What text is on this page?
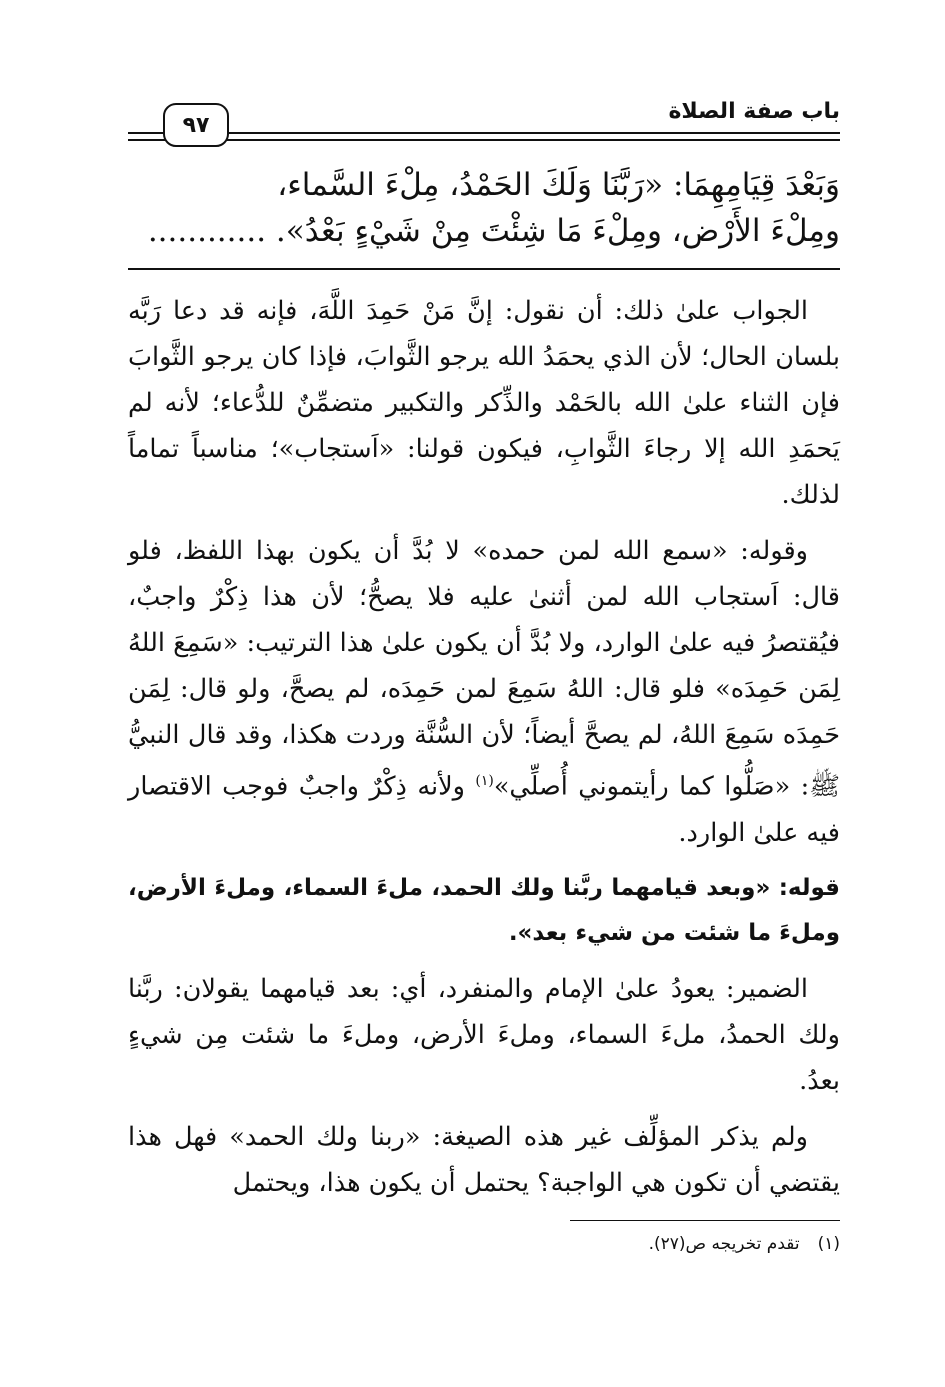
باب صفة الصلاة
٩٧
وَبَعْدَ قِيَامِهِمَا: «رَبَّنَا وَلَكَ الحَمْدُ، مِلْءَ السَّماء،
ومِلْءَ الأَرْض، ومِلْءَ مَا شِئْتَ مِنْ شَيْءٍ بَعْدُ». ............

الجواب علىٰ ذلك: أن نقول: إنَّ مَنْ حَمِدَ اللَّهَ، فإنه قد دعا رَبَّه بلسان الحال؛ لأن الذي يحمَدُ الله يرجو الثَّوابَ، فإذا كان يرجو الثَّوابَ فإن الثناء علىٰ الله بالحَمْد والذِّكر والتكبير متضمِّنٌ للدُّعاء؛ لأنه لم يَحمَدِ الله إلا رجاءَ الثَّوابِ، فيكون قولنا: «اَستجاب»؛ مناسباً تماماً لذلك.

وقوله: «سمع الله لمن حمده» لا بُدَّ أن يكون بهذا اللفظ، فلو قال: اَستجاب الله لمن أثنىٰ عليه فلا يصحُّ؛ لأن هذا ذِكْرٌ واجبٌ، فيُقتصرُ فيه علىٰ الوارد، ولا بُدَّ أن يكون علىٰ هذا الترتيب: «سَمِعَ اللهُ لِمَن حَمِدَه» فلو قال: اللهُ سَمِعَ لمن حَمِدَه، لم يصحَّ، ولو قال: لِمَن حَمِدَه سَمِعَ اللهُ، لم يصحَّ أيضاً؛ لأن السُّنَّة وردت هكذا، وقد قال النبيُّ ﷺ: «صَلُّوا كما رأيتموني أُصلِّي»$^{(١)}$ ولأنه ذِكْرٌ واجبٌ فوجب الاقتصار فيه علىٰ الوارد.

قوله: «وبعد قيامهما ربَّنا ولك الحمد، ملءَ السماء، وملءَ الأرض، وملءَ ما شئت من شيء بعد».

الضمير: يعودُ علىٰ الإمام والمنفرد، أي: بعد قيامهما يقولان: ربَّنا ولك الحمدُ، ملءَ السماء، وملءَ الأرض، وملءَ ما شئت مِن شيءٍ بعدُ.

ولم يذكر المؤلِّف غير هذه الصيغة: «ربنا ولك الحمد» فهل هذا يقتضي أن تكون هي الواجبة؟ يحتمل أن يكون هذا، ويحتمل

(١)تقدم تخريجه ص(٢٧).
